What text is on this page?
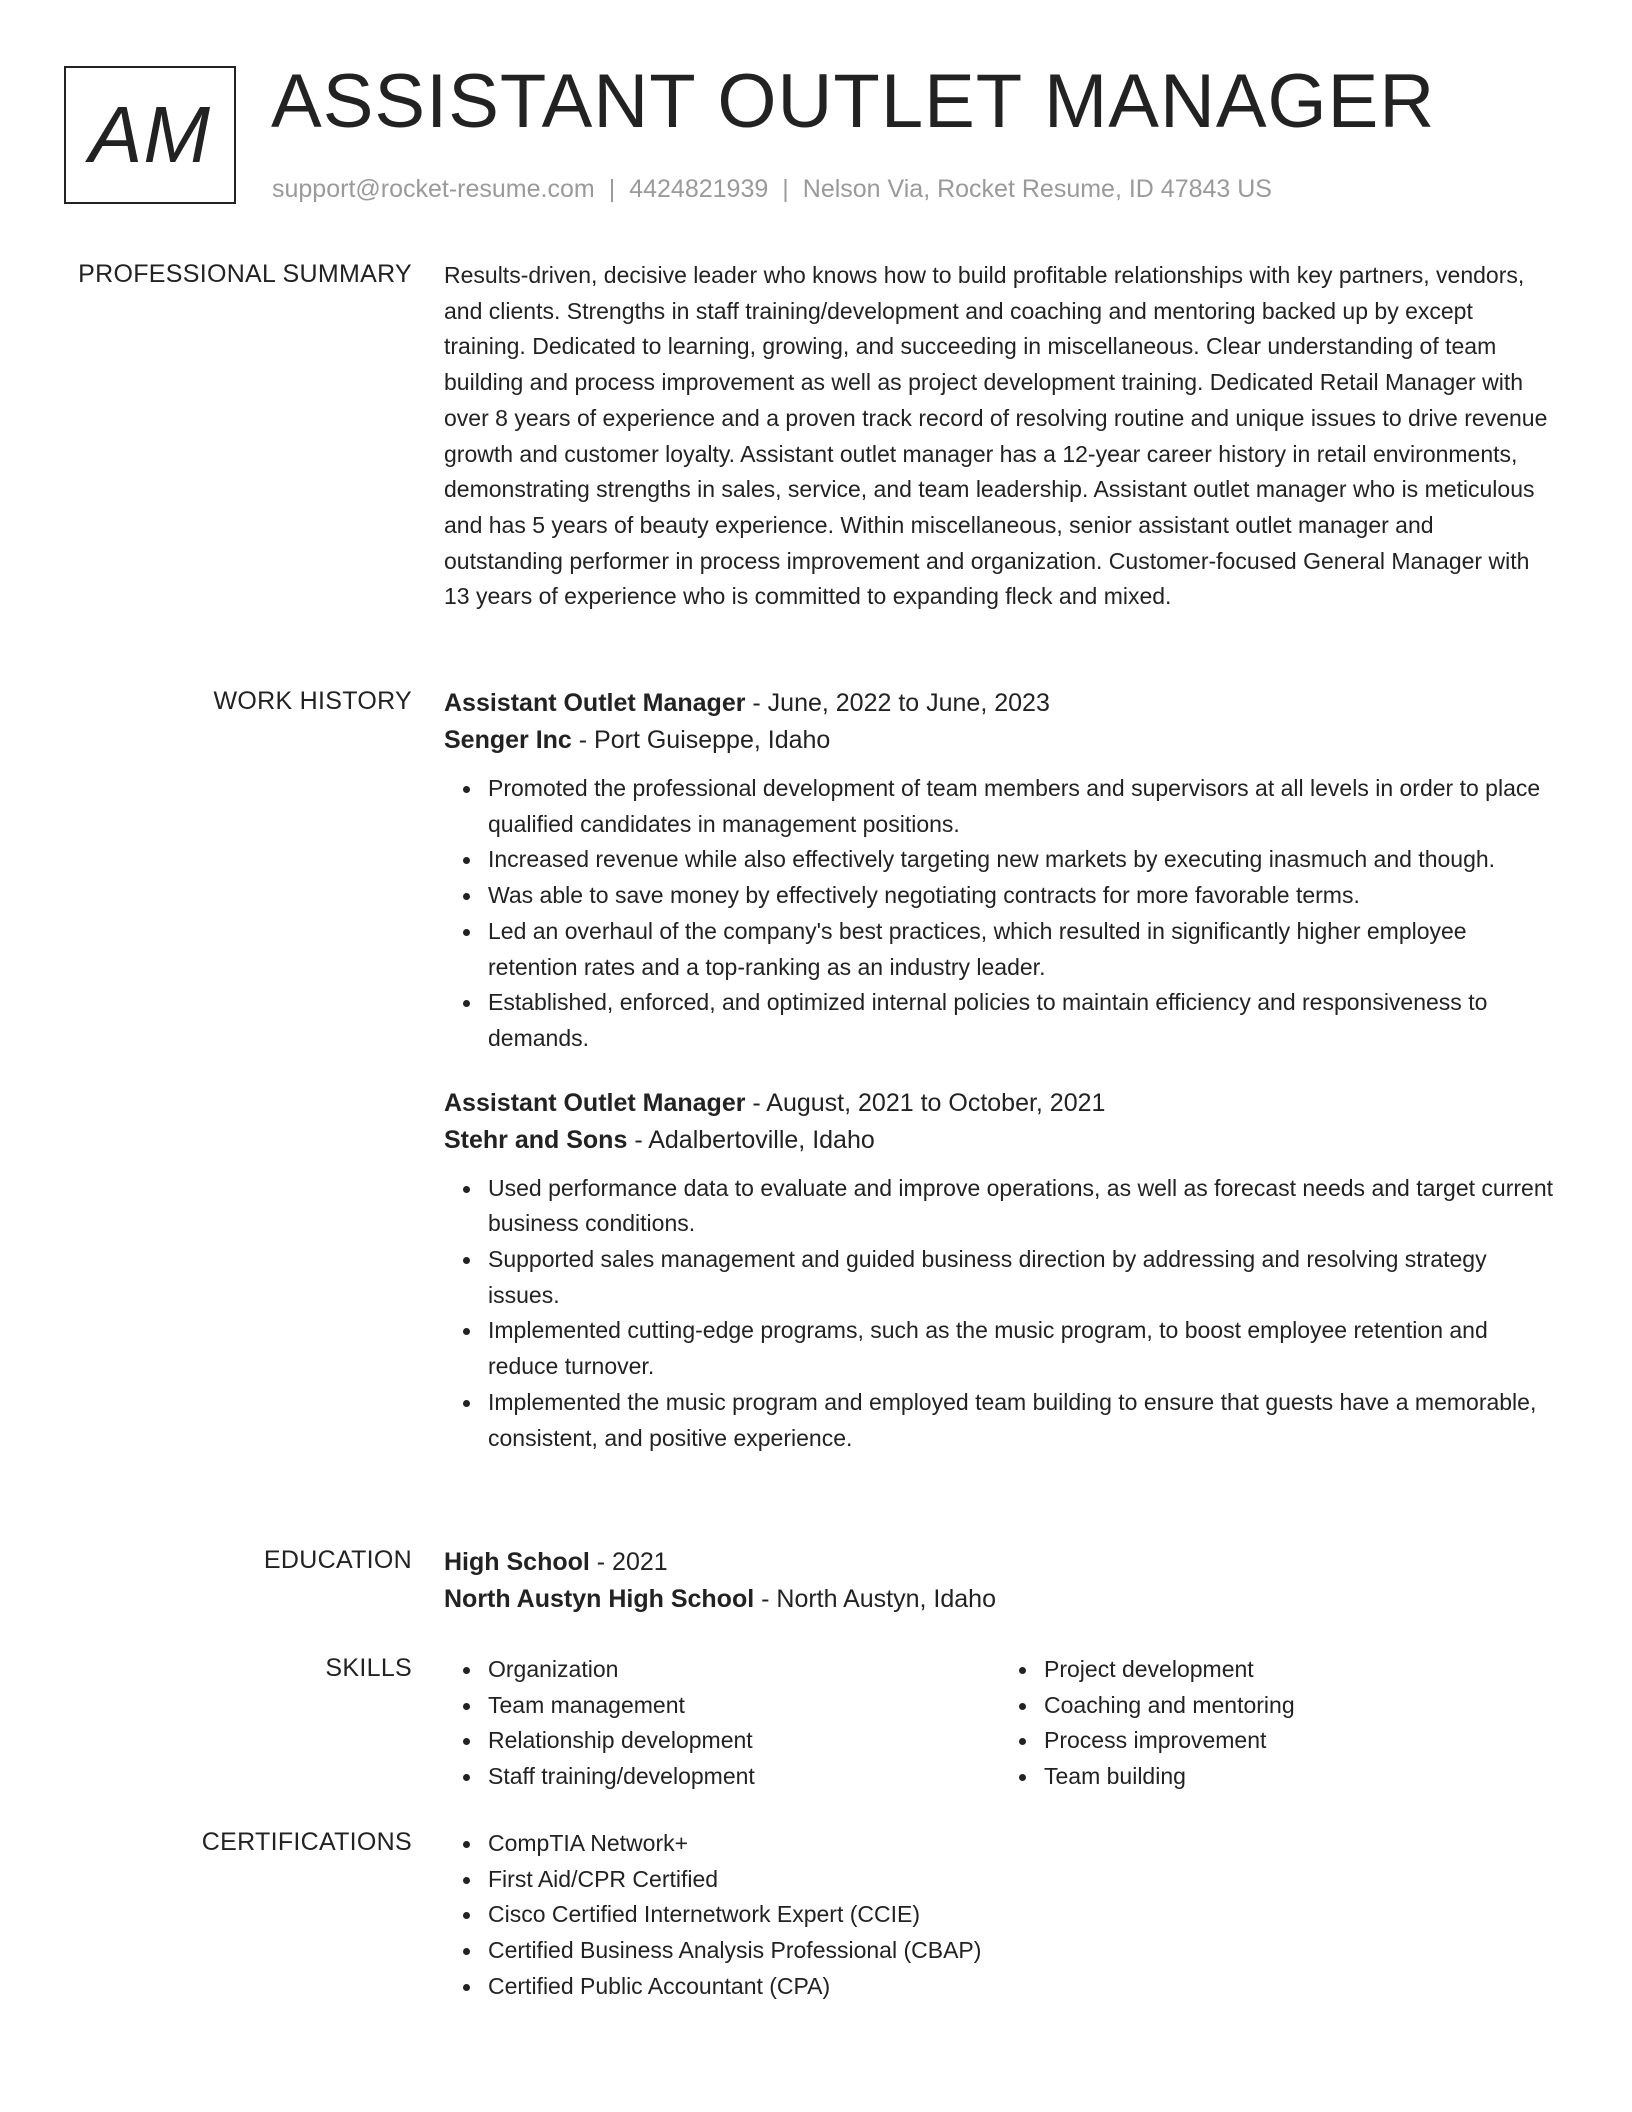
AM ASSISTANT OUTLET MANAGER
support@rocket-resume.com | 4424821939 | Nelson Via, Rocket Resume, ID 47843 US
PROFESSIONAL SUMMARY Results-driven, decisive leader who knows how to build profitable relationships with key partners, vendors, and clients. Strengths in staff training/development and coaching and mentoring backed up by except training. Dedicated to learning, growing, and succeeding in miscellaneous. Clear understanding of team building and process improvement as well as project development training. Dedicated Retail Manager with over 8 years of experience and a proven track record of resolving routine and unique issues to drive revenue growth and customer loyalty. Assistant outlet manager has a 12-year career history in retail environments, demonstrating strengths in sales, service, and team leadership. Assistant outlet manager who is meticulous and has 5 years of beauty experience. Within miscellaneous, senior assistant outlet manager and outstanding performer in process improvement and organization. Customer-focused General Manager with 13 years of experience who is committed to expanding fleck and mixed.

WORK HISTORY Assistant Outlet Manager - June, 2022 to June, 2023
Senger Inc - Port Guiseppe, Idaho
Promoted the professional development of team members and supervisors at all levels in order to place qualified candidates in management positions.
Increased revenue while also effectively targeting new markets by executing inasmuch and though.
Was able to save money by effectively negotiating contracts for more favorable terms.
Led an overhaul of the company's best practices, which resulted in significantly higher employee retention rates and a top-ranking as an industry leader.
Established, enforced, and optimized internal policies to maintain efficiency and responsiveness to demands.
Assistant Outlet Manager - August, 2021 to October, 2021
Stehr and Sons - Adalbertoville, Idaho
Used performance data to evaluate and improve operations, as well as forecast needs and target current business conditions.
Supported sales management and guided business direction by addressing and resolving strategy issues.
Implemented cutting-edge programs, such as the music program, to boost employee retention and reduce turnover.
Implemented the music program and employed team building to ensure that guests have a memorable, consistent, and positive experience.
EDUCATION High School - 2021
North Austyn High School - North Austyn, Idaho
SKILLS	Organization
Team management
Relationship development
Staff training/development
Project development
Coaching and mentoring
Process improvement
Team building
CERTIFICATIONS	CompTIA Network+
First Aid/CPR Certified
Cisco Certified Internetwork Expert (CCIE)
Certified Business Analysis Professional (CBAP)
Certified Public Accountant (CPA)
